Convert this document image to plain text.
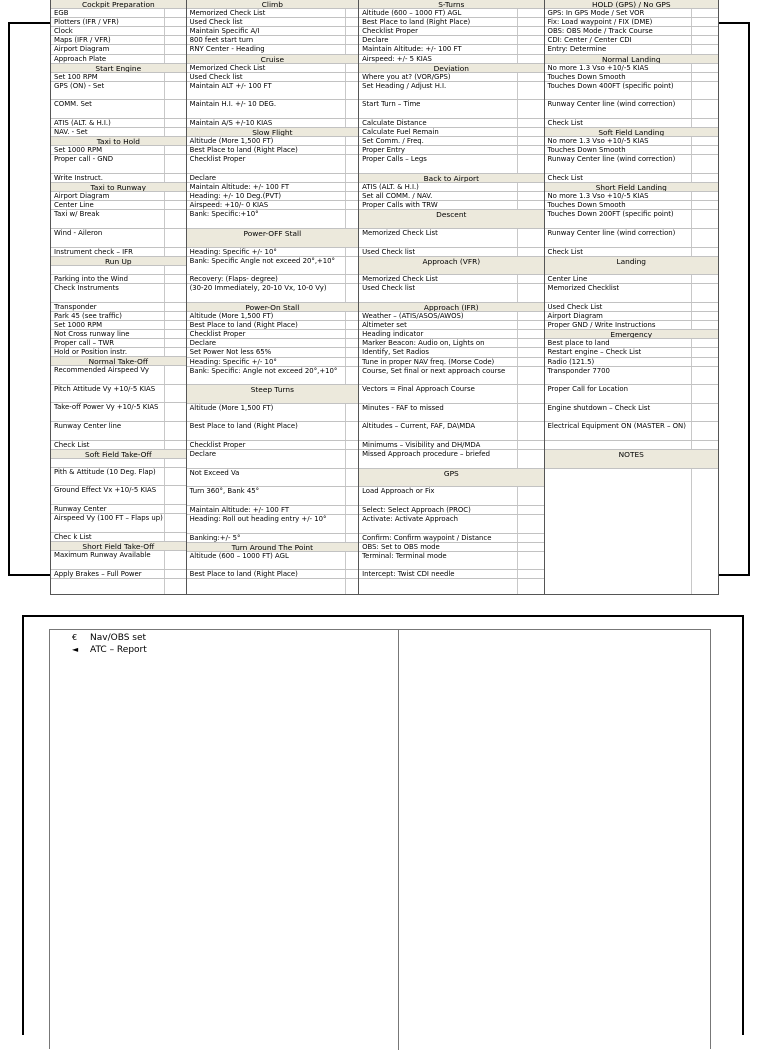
Cockpit Preparation
EGB
Plotters (IFR / VFR)
Clock
Maps (IFR / VFR)
Airport Diagram
Approach Plate
Start Engine
Set 100 RPM
GPS (ON) - Set
COMM. Set
ATIS (ALT. & H.I.)
NAV. - Set
Taxi to Hold
Set 1000 RPM
Proper call - GND
Write Instruct.
Taxi to Runway
Airport Diagram
Center Line
Taxi w/ Break
Wind - Aileron
Instrument check – IFR
Run Up
Parking into the Wind
Check Instruments
Transponder
Park 45 (see traffic)
Set 1000 RPM
Not Cross runway line
Proper call – TWR
Hold or Position instr.
Normal Take-Off
Recommended Airspeed Vy
Pitch Attitude Vy +10/-5 KIAS
Take-off Power Vy +10/-5 KIAS
Runway Center line
Check List
Soft Field Take-Off
Pith & Attitude (10 Deg. Flap)
Ground Effect Vx +10/-5 KIAS
Runway Center
Airspeed Vy (100 FT – Flaps up)
Chec k List
Short Field Take-Off
Maximum Runway Available
Apply Brakes – Full Power
Climb
Memorized Check List
Used Check list
Maintain Specific A/I
800 feet start turn
RNY Center - Heading
Cruise
Memorized Check List
Used Check list
Maintain ALT +/- 100 FT
Maintain H.I. +/- 10 DEG.
Maintain A/S +/-10 KIAS
Slow Flight
Altitude (More 1,500 FT)
Best Place to land (Right Place)
Checklist Proper
Declare
Maintain Altitude: +/- 100 FT
Heading: +/- 10 Deg.(PVT)
Airspeed: +10/- 0 KIAS
Bank: Specific:+10°
Power-OFF Stall
Heading: Specific +/- 10°
Bank: Specific Angle not exceed 20°,+10°
Recovery: (Flaps- degree)
(30-20 Immediately, 20-10 Vx, 10-0 Vy)
Power-On Stall
Altitude (More 1,500 FT)
Best Place to land (Right Place)
Checklist Proper
Declare
Set Power Not less 65%
Heading: Specific +/- 10°
Bank: Specific: Angle not exceed 20°,+10°
Steep Turns
Altitude (More 1,500 FT)
Best Place to land (Right Place)
Checklist Proper
Declare
Not Exceed Va
Turn 360°, Bank 45°
Maintain Altitude: +/- 100 FT
Heading: Roll out heading entry +/- 10°
Banking:+/- 5°
Turn Around The Point
Altitude (600 – 1000 FT) AGL
Best Place to land (Right Place)
S-Turns
Altitude (600 – 1000 FT) AGL
Best Place to land (Right Place)
Checklist Proper
Declare
Maintain Altitude: +/- 100 FT
Airspeed: +/- 5 KIAS
Deviation
Where you at? (VOR/GPS)
Set Heading / Adjust H.I.
Start Turn – Time
Calculate Distance
Calculate Fuel Remain
Set Comm. / Freq.
Proper Entry
Proper Calls – Legs
Back to Airport
ATIS (ALT. & H.I.)
Set all COMM. / NAV.
Proper Calls with TRW
Descent
Memorized Check List
Used Check list
Approach (VFR)
Memorized Check List
Used Check list
Approach (IFR)
Weather – (ATIS/ASOS/AWOS)
Altimeter set
Heading indicator
Marker Beacon: Audio on, Lights on
Identify, Set Radios
Tune in proper NAV freq. (Morse Code)
Course, Set final or next approach course
Vectors = Final Approach Course
Minutes - FAF to missed
Altitudes – Current, FAF, DA\MDA
Minimums – Visibility and DH/MDA
Missed Approach procedure – briefed
GPS
Load Approach or Fix
Select: Select Approach (PROC)
Activate: Activate Approach
Confirm: Confirm waypoint / Distance
OBS: Set to OBS mode
Terminal: Terminal mode
Intercept: Twist CDI needle
HOLD (GPS) / No GPS
GPS: In GPS Mode / Set VOR
Fix: Load waypoint / FIX (DME)
OBS: OBS Mode / Track Course
CDI: Center / Center CDI
Entry: Determine
Normal Landing
No more 1.3 Vso +10/-5 KIAS
Touches Down Smooth
Touches Down 400FT (specific point)
Runway Center line (wind correction)
Check List
Soft Field Landing
No more 1.3 Vso +10/-5 KIAS
Touches Down Smooth
Runway Center line (wind correction)
Check List
Short Field Landing
No more 1.3 Vso +10/-5 KIAS
Touches Down Smooth
Touches Down 200FT (specific point)
Runway Center line (wind correction)
Check List
Landing
Center Line
Memorized Checklist
Used Check List
Airport Diagram
Proper GND / Write Instructions
Emergency
Best place to land
Restart engine – Check List
Radio (121.5)
Transponder 7700
Proper Call for Location
Engine shutdown – Check List
Electrical Equipment ON (MASTER – ON)
NOTES
€	Nav/OBS set
◄	ATC – Report
